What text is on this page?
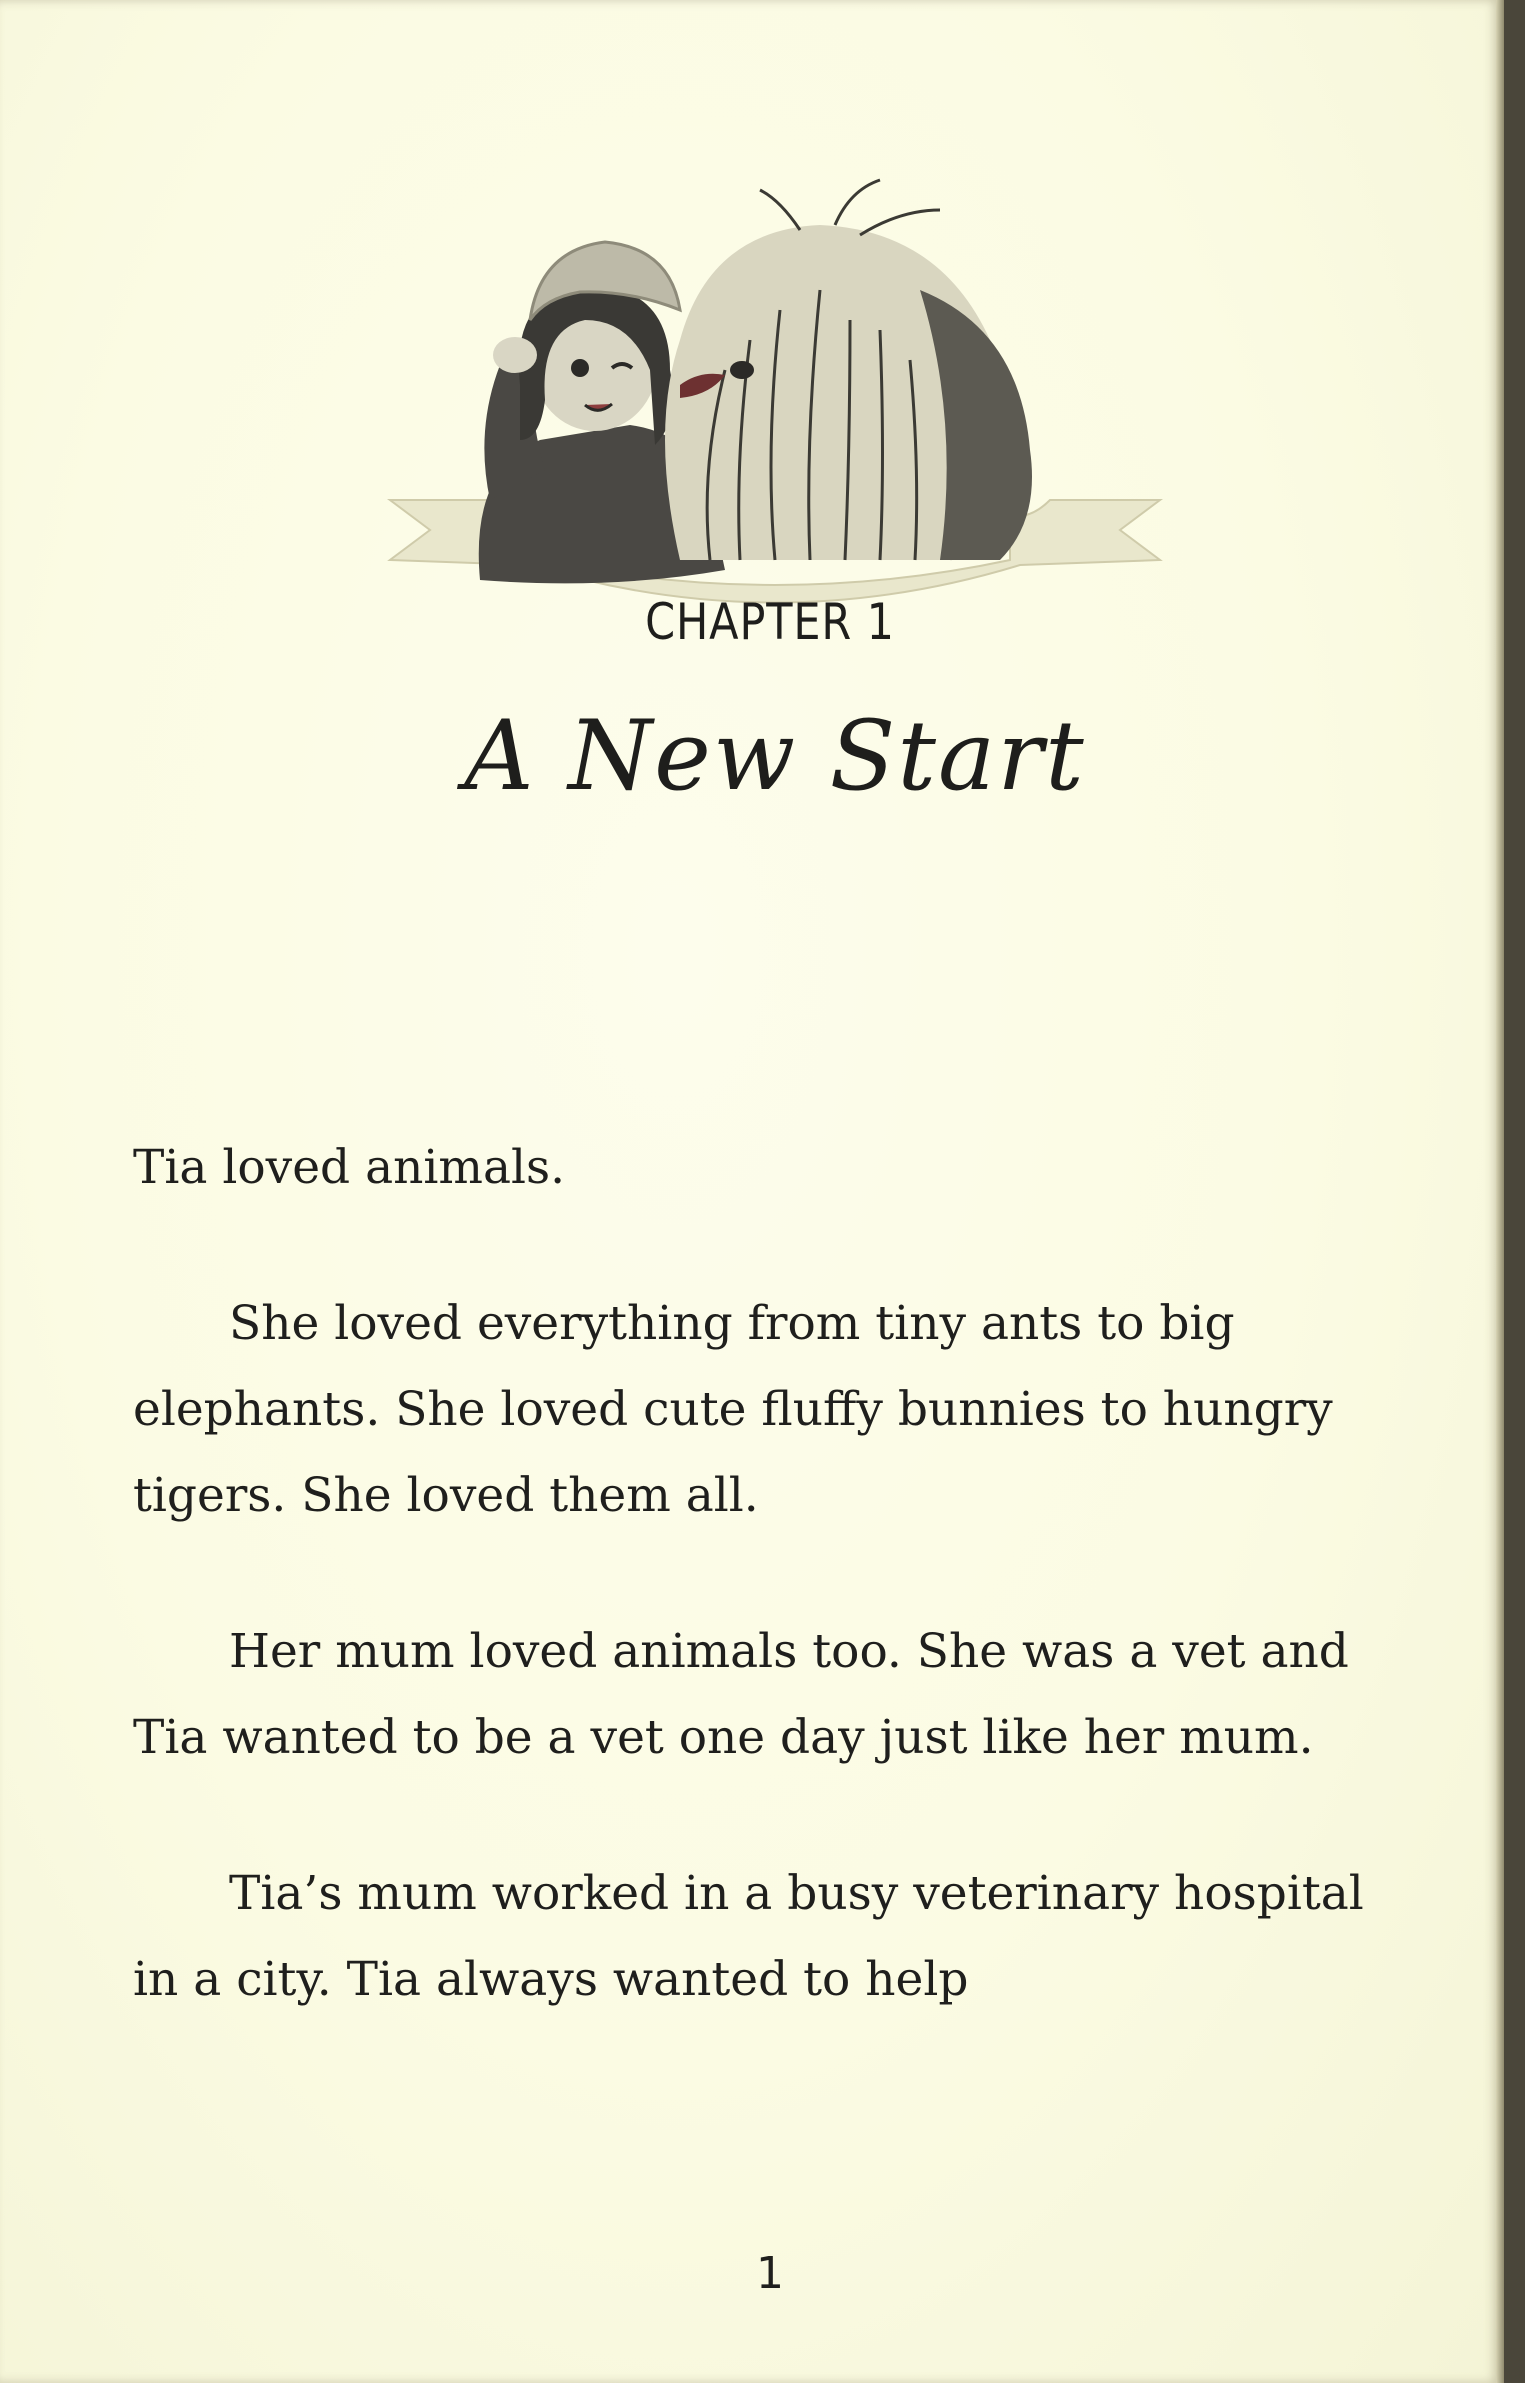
CHAPTER 1
A New Start

Tia loved animals.

She loved everything from tiny ants to big elephants. She loved cute fluffy bunnies to hungry tigers. She loved them all.

Her mum loved animals too. She was a vet and Tia wanted to be a vet one day just like her mum.

Tia’s mum worked in a busy veterinary hospital in a city. Tia always wanted to help

1
